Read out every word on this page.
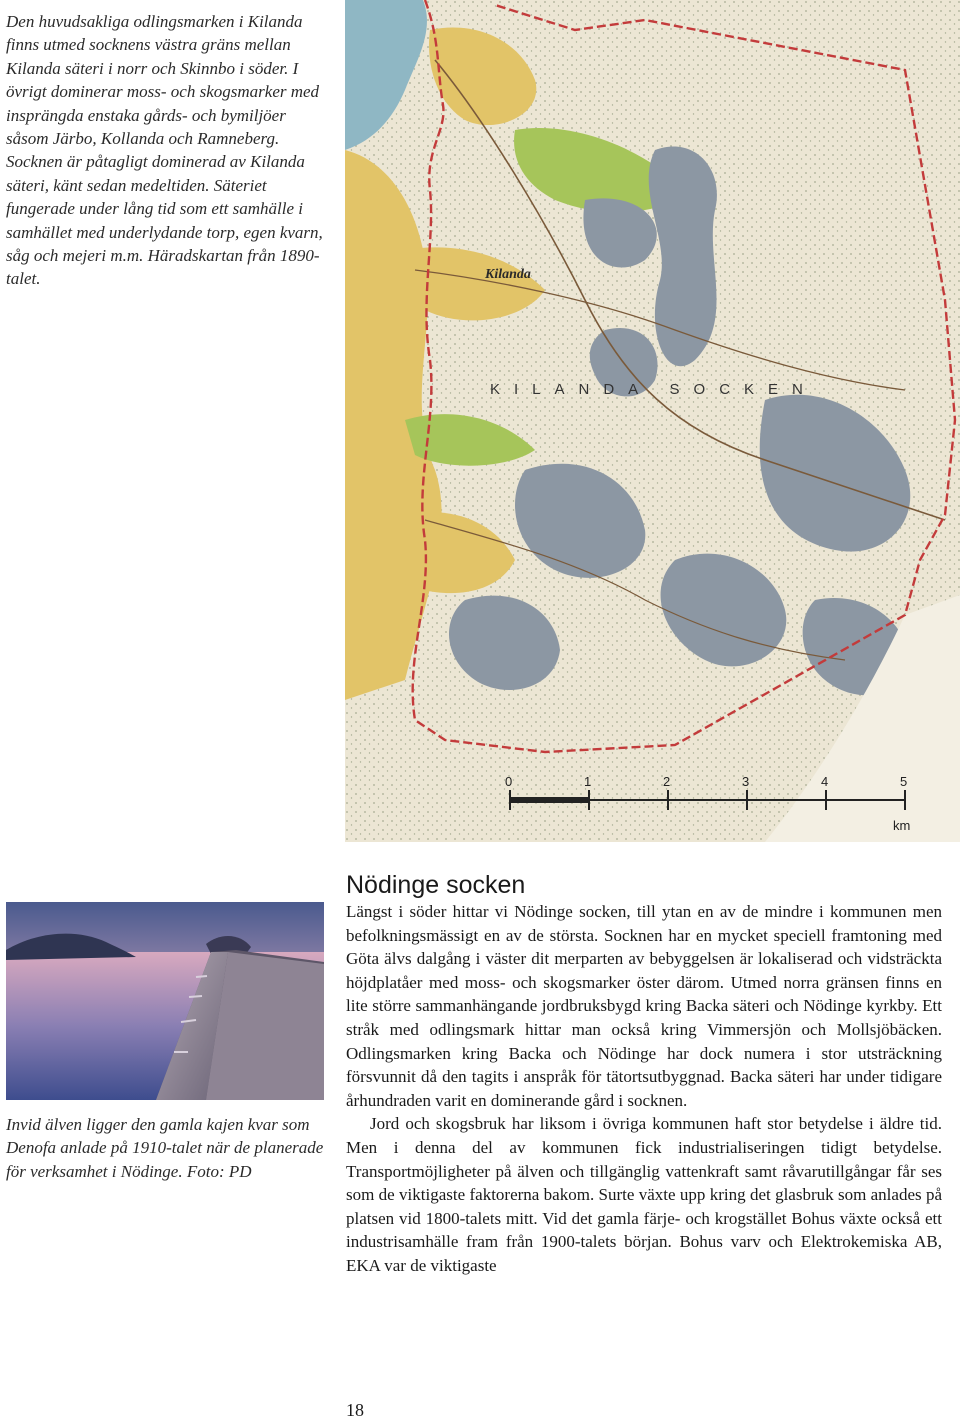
Den huvudsakliga odlingsmarken i Kilanda finns utmed socknens västra gräns mellan Kilanda säteri i norr och Skinnbo i söder. I övrigt dominerar moss- och skogsmarker med insprängda enstaka gårds- och bymiljöer såsom Järbo, Kollanda och Ramneberg. Socknen är påtagligt dominerad av Kilanda säteri, känt sedan medeltiden. Säteriet fungerade under lång tid som ett samhälle i samhället med underlydande torp, egen kvarn, såg och mejeri m.m. Häradskartan från 1890-talet.	Kilanda
KILANDA SOCKEN
0	1	2	3	4	5
km

Invid älven ligger den gamla kajen kvar som Denofa anlade på 1910-talet när de planerade för verksamhet i Nödinge. Foto: PD

Nödinge socken

Längst i söder hittar vi Nödinge socken, till ytan en av de mindre i kommunen men befolkningsmässigt en av de största. Socknen har en mycket speciell framtoning med Göta älvs dalgång i väster dit merparten av bebyggelsen är lokaliserad och vidsträckta höjdplatåer med moss- och skogsmarker öster därom. Utmed norra gränsen finns en lite större sammanhängande jordbruksbygd kring Backa säteri och Nödinge kyrkby. Ett stråk med odlingsmark hittar man också kring Vimmersjön och Mollsjöbäcken. Odlingsmarken kring Backa och Nödinge har dock numera i stor utsträckning försvunnit då den tagits i anspråk för tätortsutbyggnad. Backa säteri har under tidigare århundraden varit en dominerande gård i socknen.

Jord och skogsbruk har liksom i övriga kommunen haft stor betydelse i äldre tid. Men i denna del av kommunen fick industrialiseringen tidigt betydelse. Transportmöjligheter på älven och tillgänglig vattenkraft samt råvarutillgångar får ses som de viktigaste faktorerna bakom. Surte växte upp kring det glasbruk som anlades på platsen vid 1800-talets mitt. Vid det gamla färje- och krogstället Bohus växte också ett industrisamhälle fram från 1900-talets början. Bohus varv och Elektrokemiska AB, EKA var de viktigaste

18
